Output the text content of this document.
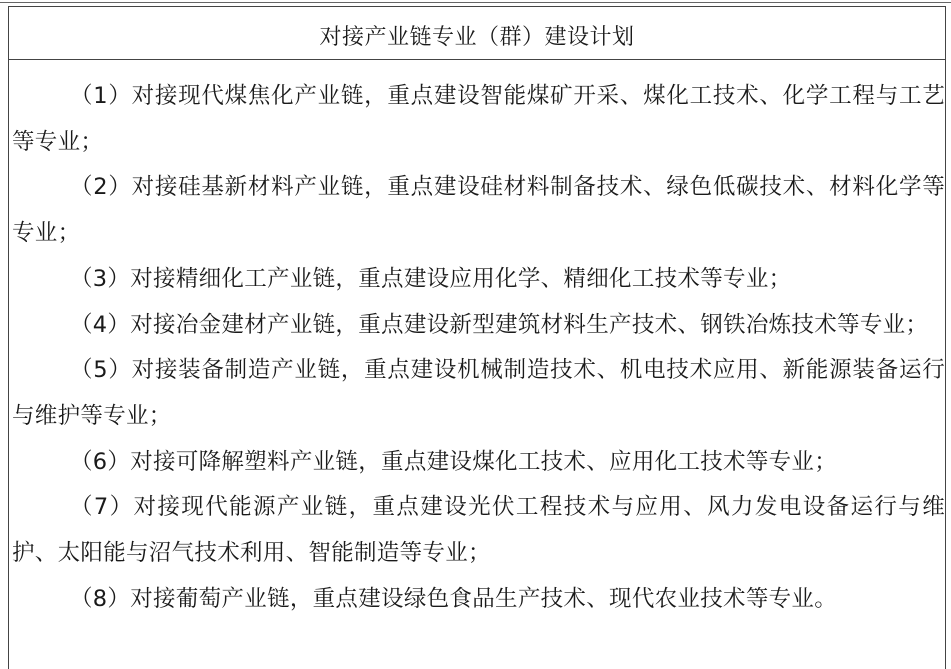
对接产业链专业（群）建设计划

（1）对接现代煤焦化产业链，重点建设智能煤矿开采、煤化工技术、化学工程与工艺等专业；

（2）对接硅基新材料产业链，重点建设硅材料制备技术、绿色低碳技术、材料化学等专业；

（3）对接精细化工产业链，重点建设应用化学、精细化工技术等专业；

（4）对接冶金建材产业链，重点建设新型建筑材料生产技术、钢铁冶炼技术等专业；

（5）对接装备制造产业链，重点建设机械制造技术、机电技术应用、新能源装备运行与维护等专业；

（6）对接可降解塑料产业链，重点建设煤化工技术、应用化工技术等专业；

（7）对接现代能源产业链，重点建设光伏工程技术与应用、风力发电设备运行与维护、太阳能与沼气技术利用、智能制造等专业；

（8）对接葡萄产业链，重点建设绿色食品生产技术、现代农业技术等专业。
